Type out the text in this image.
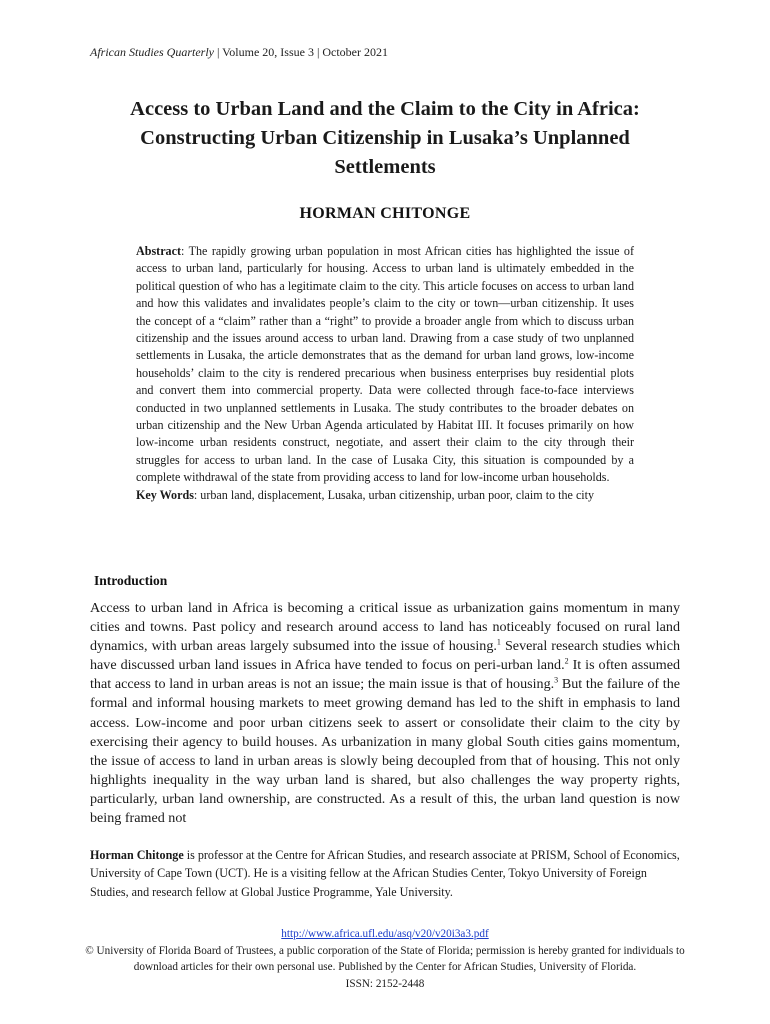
African Studies Quarterly | Volume 20, Issue 3 | October 2021
Access to Urban Land and the Claim to the City in Africa:
Constructing Urban Citizenship in Lusaka’s Unplanned
Settlements
HORMAN CHITONGE

Abstract: The rapidly growing urban population in most African cities has highlighted the issue of access to urban land, particularly for housing. Access to urban land is ultimately embedded in the political question of who has a legitimate claim to the city. This article focuses on access to urban land and how this validates and invalidates people’s claim to the city or town—urban citizenship. It uses the concept of a “claim” rather than a “right” to provide a broader angle from which to discuss urban citizenship and the issues around access to urban land. Drawing from a case study of two unplanned settlements in Lusaka, the article demonstrates that as the demand for urban land grows, low-income households’ claim to the city is rendered precarious when business enterprises buy residential plots and convert them into commercial property. Data were collected through face-to-face interviews conducted in two unplanned settlements in Lusaka. The study contributes to the broader debates on urban citizenship and the New Urban Agenda articulated by Habitat III. It focuses primarily on how low-income urban residents construct, negotiate, and assert their claim to the city through their struggles for access to urban land. In the case of Lusaka City, this situation is compounded by a complete withdrawal of the state from providing access to land for low-income urban households.

Key Words: urban land, displacement, Lusaka, urban citizenship, urban poor, claim to the city

Introduction

Access to urban land in Africa is becoming a critical issue as urbanization gains momentum in many cities and towns. Past policy and research around access to land has noticeably focused on rural land dynamics, with urban areas largely subsumed into the issue of housing.$^1$ Several research studies which have discussed urban land issues in Africa have tended to focus on peri-urban land.$^2$ It is often assumed that access to land in urban areas is not an issue; the main issue is that of housing.$^3$ But the failure of the formal and informal housing markets to meet growing demand has led to the shift in emphasis to land access. Low-income and poor urban citizens seek to assert or consolidate their claim to the city by exercising their agency to build houses. As urbanization in many global South cities gains momentum, the issue of access to land in urban areas is slowly being decoupled from that of housing. This not only highlights inequality in the way urban land is shared, but also challenges the way property rights, particularly, urban land ownership, are constructed. As a result of this, the urban land question is now being framed not

Horman Chitonge is professor at the Centre for African Studies, and research associate at PRISM, School of Economics, University of Cape Town (UCT). He is a visiting fellow at the African Studies Center, Tokyo University of Foreign Studies, and research fellow at Global Justice Programme, Yale University.

http://www.africa.ufl.edu/asq/v20/v20i3a3.pdf
© University of Florida Board of Trustees, a public corporation of the State of Florida; permission is hereby granted for individuals to
download articles for their own personal use. Published by the Center for African Studies, University of Florida.
ISSN: 2152-2448
